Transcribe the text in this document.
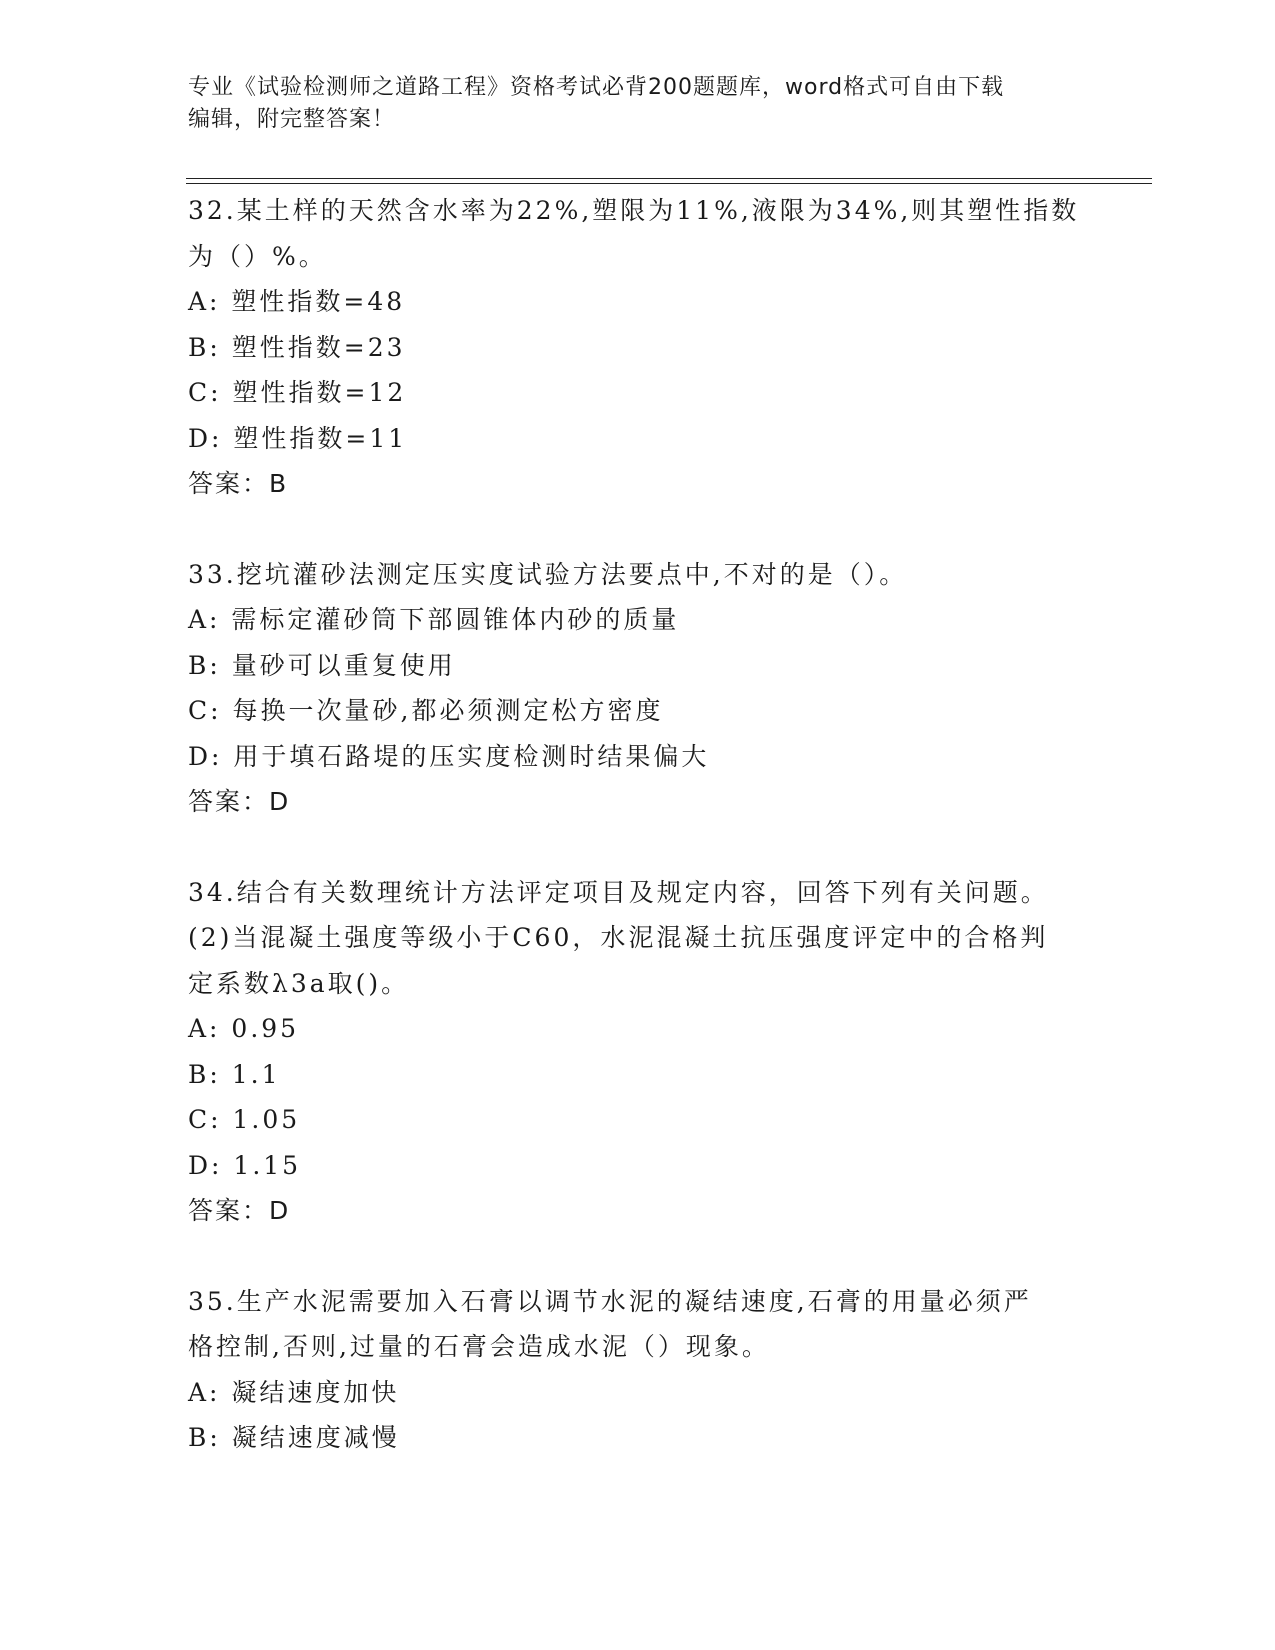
专业《试验检测师之道路工程》资格考试必背200题题库，word格式可自由下载
编辑，附完整答案！
32.某土样的天然含水率为22%,塑限为11%,液限为34%,则其塑性指数
为（）%。
A: 塑性指数=48
B: 塑性指数=23
C: 塑性指数=12
D: 塑性指数=11
答案：B
33.挖坑灌砂法测定压实度试验方法要点中,不对的是（）。
A: 需标定灌砂筒下部圆锥体内砂的质量
B: 量砂可以重复使用
C: 每换一次量砂,都必须测定松方密度
D: 用于填石路堤的压实度检测时结果偏大
答案：D
34.结合有关数理统计方法评定项目及规定内容，回答下列有关问题。
(2)当混凝土强度等级小于C60，水泥混凝土抗压强度评定中的合格判
定系数λ3a取()。
A: 0.95
B: 1.1
C: 1.05
D: 1.15
答案：D
35.生产水泥需要加入石膏以调节水泥的凝结速度,石膏的用量必须严
格控制,否则,过量的石膏会造成水泥（）现象。
A: 凝结速度加快
B: 凝结速度减慢
